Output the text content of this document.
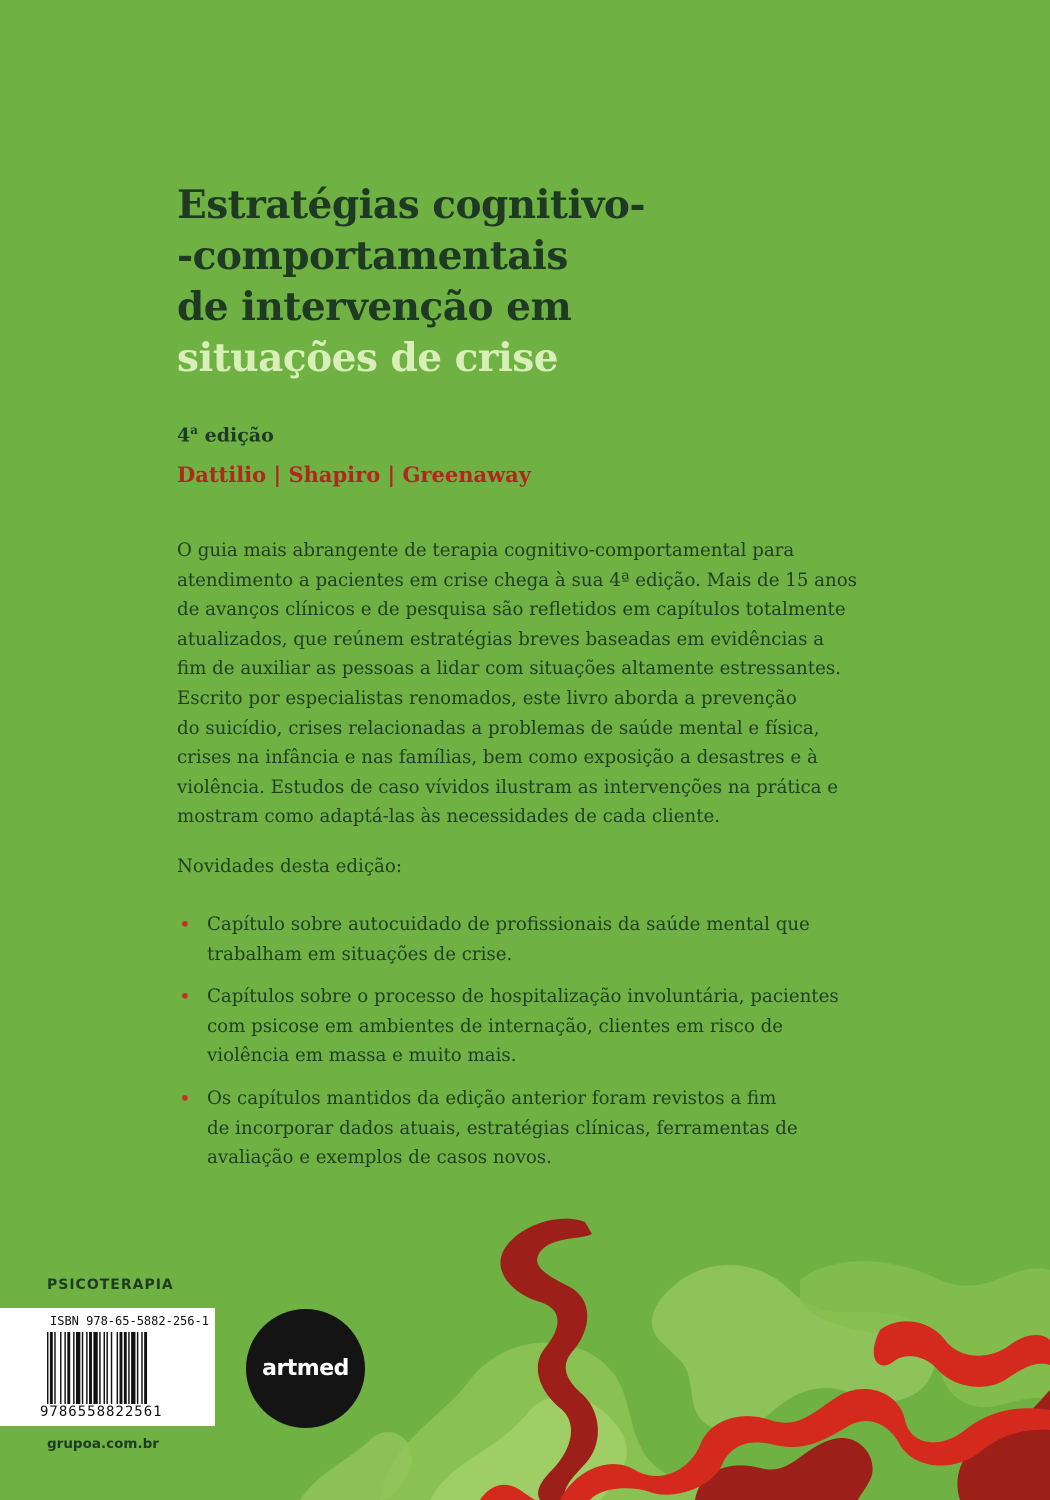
Estratégias cognitivo-
-comportamentais
de intervenção em
situações de crise
4$^a$ edição
Dattilio | Shapiro | Greenaway
O guia mais abrangente de terapia cognitivo-comportamental para
atendimento a pacientes em crise chega à sua 4ª edição. Mais de 15 anos
de avanços clínicos e de pesquisa são refletidos em capítulos totalmente
atualizados, que reúnem estratégias breves baseadas em evidências a
fim de auxiliar as pessoas a lidar com situações altamente estressantes.
Escrito por especialistas renomados, este livro aborda a prevenção
do suicídio, crises relacionadas a problemas de saúde mental e física,
crises na infância e nas famílias, bem como exposição a desastres e à
violência. Estudos de caso vívidos ilustram as intervenções na prática e
mostram como adaptá-las às necessidades de cada cliente.
Novidades desta edição:
• Capítulo sobre autocuidado de profissionais da saúde mental que
trabalham em situações de crise.
• Capítulos sobre o processo de hospitalização involuntária, pacientes
com psicose em ambientes de internação, clientes em risco de
violência em massa e muito mais.
• Os capítulos mantidos da edição anterior foram revistos a fim
de incorporar dados atuais, estratégias clínicas, ferramentas de
avaliação e exemplos de casos novos.
PSICOTERAPIA
ISBN 978-65-5882-256-1
9786558822561
artmed
grupoa.com.br
